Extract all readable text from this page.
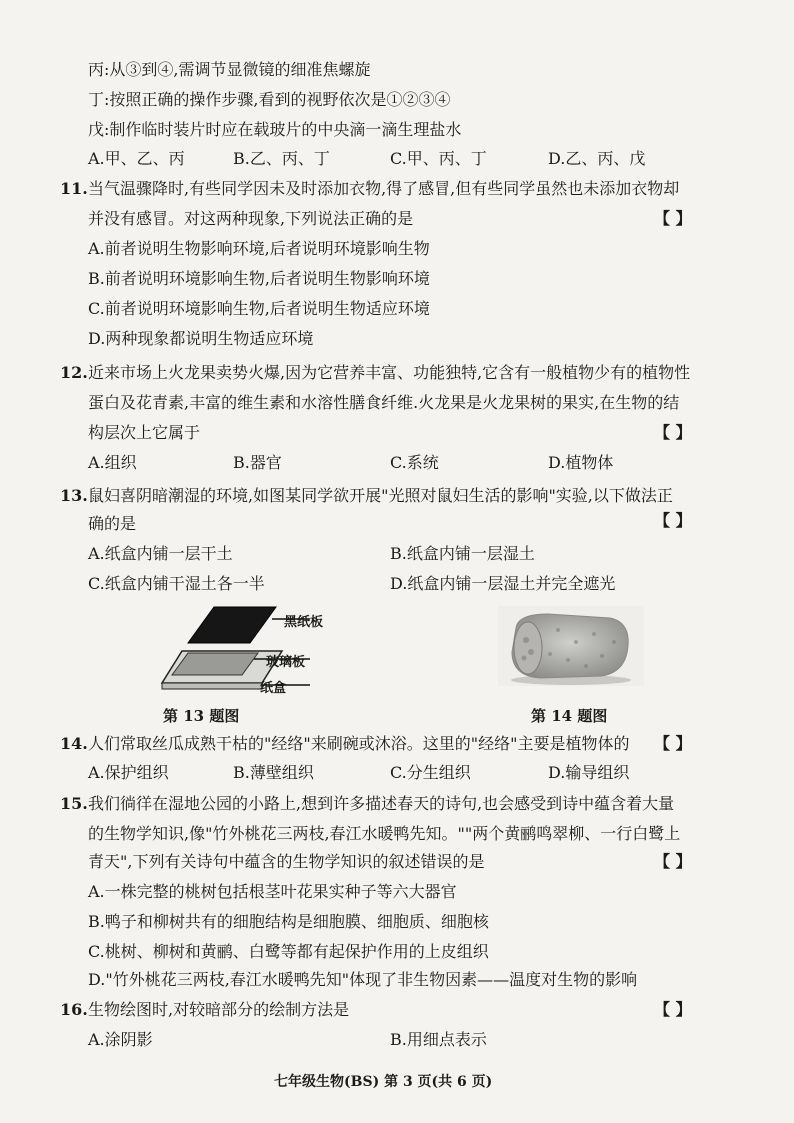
丙:从③到④,需调节显微镜的细准焦螺旋
丁:按照正确的操作步骤,看到的视野依次是①②③④
戊:制作临时装片时应在载玻片的中央滴一滴生理盐水
A.甲、乙、丙	B.乙、丙、丁	C.甲、丙、丁	D.乙、丙、戊
11. 当气温骤降时,有些同学因未及时添加衣物,得了感冒,但有些同学虽然也未添加衣物却
并没有感冒。对这两种现象,下列说法正确的是	【 】
A.前者说明生物影响环境,后者说明环境影响生物
B.前者说明环境影响生物,后者说明生物影响环境
C.前者说明环境影响生物,后者说明生物适应环境
D.两种现象都说明生物适应环境
12. 近来市场上火龙果卖势火爆,因为它营养丰富、功能独特,它含有一般植物少有的植物性
蛋白及花青素,丰富的维生素和水溶性膳食纤维.火龙果是火龙果树的果实,在生物的结
构层次上它属于	【 】
A.组织	B.器官	C.系统	D.植物体
13. 鼠妇喜阴暗潮湿的环境,如图某同学欲开展"光照对鼠妇生活的影响"实验,以下做法正
确的是	【 】
A.纸盒内铺一层干土	B.纸盒内铺一层湿土
C.纸盒内铺干湿土各一半	D.纸盒内铺一层湿土并完全遮光
黑纸板
玻璃板
纸盒
第 13 题图	第 14 题图
14. 人们常取丝瓜成熟干枯的"经络"来刷碗或沐浴。这里的"经络"主要是植物体的 【 】
A.保护组织	B.薄壁组织	C.分生组织	D.输导组织
15. 我们徜徉在湿地公园的小路上,想到许多描述春天的诗句,也会感受到诗中蕴含着大量
的生物学知识,像"竹外桃花三两枝,春江水暖鸭先知。""两个黄鹂鸣翠柳、一行白鹭上
青天",下列有关诗句中蕴含的生物学知识的叙述错误的是	【 】
A.一株完整的桃树包括根茎叶花果实种子等六大器官
B.鸭子和柳树共有的细胞结构是细胞膜、细胞质、细胞核
C.桃树、柳树和黄鹂、白鹭等都有起保护作用的上皮组织
D."竹外桃花三两枝,春江水暖鸭先知"体现了非生物因素——温度对生物的影响
16. 生物绘图时,对较暗部分的绘制方法是	【 】
A.涂阴影	B.用细点表示
七年级生物(BS) 第 3 页(共 6 页)
